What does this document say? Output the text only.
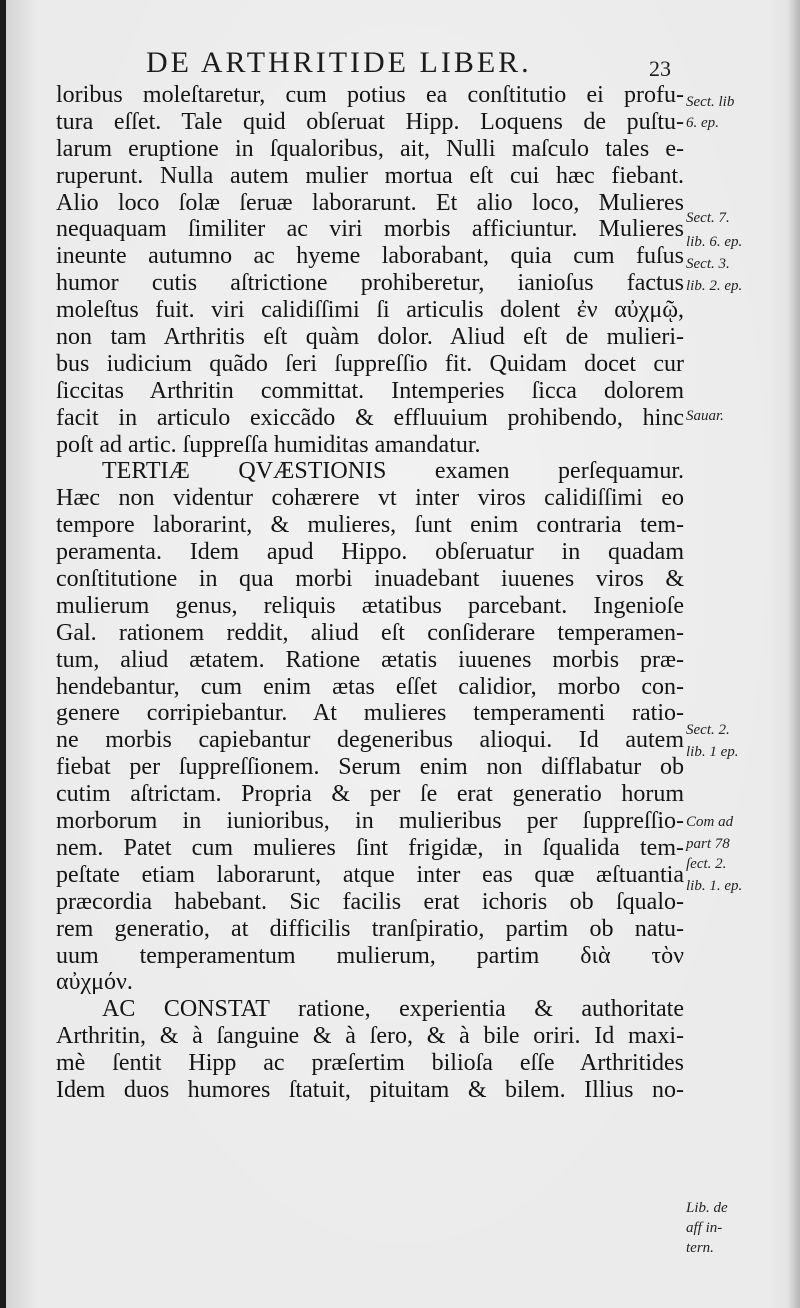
DE ARTHRITIDE LIBER.	23
loribus moleſtaretur, cum potius ea conſtitutio ei profu-
tura eſſet. Tale quid obſeruat Hipp. Loquens de puſtu-
larum eruptione in ſqualoribus, ait, Nulli maſculo tales e-
ruperunt. Nulla autem mulier mortua eſt cui hæc fiebant.
Alio loco ſolæ ſeruæ laborarunt. Et alio loco, Mulieres
nequaquam ſimiliter ac viri morbis afficiuntur. Mulieres
ineunte autumno ac hyeme laborabant, quia cum fuſus
humor cutis aſtrictione prohiberetur, ianioſus factus
moleſtus fuit. viri calidiſſimi ſi articulis dolent ἐν αὐχμῷ,
non tam Arthritis eſt quàm dolor. Aliud eſt de mulieri-
bus iudicium quãdo ſeri ſuppreſſio fit. Quidam docet cur
ſiccitas Arthritin committat. Intemperies ſicca dolorem
facit in articulo exiccãdo & effluuium prohibendo, hinc
poſt ad artic. ſuppreſſa humiditas amandatur.
TERTIÆ QVÆSTIONIS examen perſequamur.
Hæc non videntur cohærere vt inter viros calidiſſimi eo
tempore laborarint, & mulieres, ſunt enim contraria tem-
peramenta. Idem apud Hippo. obſeruatur in quadam
conſtitutione in qua morbi inuadebant iuuenes viros &
mulierum genus, reliquis ætatibus parcebant. Ingenioſe
Gal. rationem reddit, aliud eſt conſiderare temperamen-
tum, aliud ætatem. Ratione ætatis iuuenes morbis præ-
hendebantur, cum enim ætas eſſet calidior, morbo con-
genere corripiebantur. At mulieres temperamenti ratio-
ne morbis capiebantur degeneribus alioqui. Id autem
fiebat per ſuppreſſionem. Serum enim non diſflabatur ob
cutim aſtrictam. Propria & per ſe erat generatio horum
morborum in iunioribus, in mulieribus per ſuppreſſio-
nem. Patet cum mulieres ſint frigidæ, in ſqualida tem-
peſtate etiam laborarunt, atque inter eas quæ æſtuantia
præcordia habebant. Sic facilis erat ichoris ob ſqualo-
rem generatio, at difficilis tranſpiratio, partim ob natu-
uum temperamentum mulierum, partim διὰ τὸν
αὐχμόν.
AC CONSTAT ratione, experientia & authoritate
Arthritin, & à ſanguine & à ſero, & à bile oriri. Id maxi-
mè ſentit Hipp ac præſertim bilioſa eſſe Arthritides
Idem duos humores ſtatuit, pituitam & bilem. Illius no-
Sect. lib
6. ep.
Sect. 7.
lib. 6. ep.
Sect. 3.
lib. 2. ep.
Sauar.
Sect. 2.
lib. 1 ep.
Com ad
part 78
ſect. 2.
lib. 1. ep.
Lib. de
aff in-
tern.
